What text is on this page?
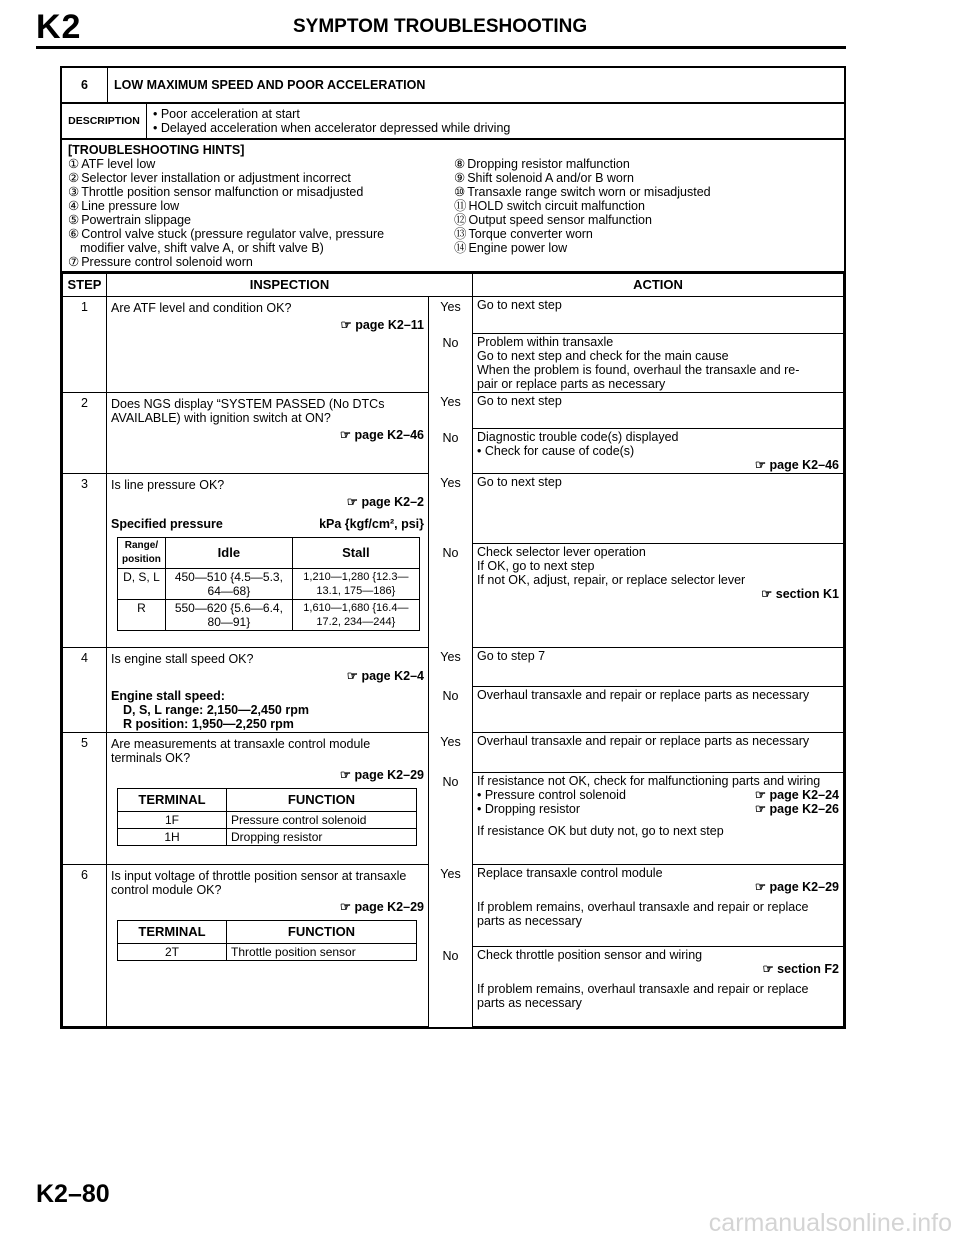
K2	SYMPTOM TROUBLESHOOTING
6	LOW MAXIMUM SPEED AND POOR ACCELERATION
DESCRIPTION	• Poor acceleration at start
• Delayed acceleration when accelerator depressed while driving
[TROUBLESHOOTING HINTS]
① ATF level low
② Selector lever installation or adjustment incorrect
③ Throttle position sensor malfunction or misadjusted
④ Line pressure low
⑤ Powertrain slippage
⑥ Control valve stuck (pressure regulator valve, pressure
modifier valve, shift valve A, or shift valve B)
⑦ Pressure control solenoid worn
⑧ Dropping resistor malfunction
⑨ Shift solenoid A and/or B worn
⑩ Transaxle range switch worn or misadjusted
⑪ HOLD switch circuit malfunction
⑫ Output speed sensor malfunction
⑬ Torque converter worn
⑭ Engine power low
STEP	INSPECTION	ACTION
1	Are ATF level and condition OK?
☞ page K2–11
	Yes	Go to next step
No	Problem within transaxle
Go to next step and check for the main cause
When the problem is found, overhaul the transaxle and re-
pair or replace parts as necessary

2	Does NGS display “SYSTEM PASSED (No DTCs AVAILABLE) with ignition switch at ON?
☞ page K2–46
	Yes	Go to next step
No	Diagnostic trouble code(s) displayed
• Check for cause of code(s)
☞ page K2–46

3	Is line pressure OK?
☞ page K2–2
Specified pressure	kPa {kgf/cm², psi}
Range/ position	Idle	Stall
D, S, L	450—510 {4.5—5.3, 64—68}	1,210—1,280 {12.3—13.1, 175—186}
R	550—620 {5.6—6.4, 80—91}	1,610—1,680 {16.4—17.2, 234—244}
	Yes	Go to next step
No	Check selector lever operation
If OK, go to next step
If not OK, adjust, repair, or replace selector lever
☞ section K1

4	Is engine stall speed OK?
☞ page K2–4
Engine stall speed:
D, S, L range: 2,150—2,450 rpm
R position: 1,950—2,250 rpm
	Yes	Go to step 7
No	Overhaul transaxle and repair or replace parts as necessary
5	Are measurements at transaxle control module terminals OK?
☞ page K2–29
TERMINAL	FUNCTION
1F	Pressure control solenoid
1H	Dropping resistor
	Yes	Overhaul transaxle and repair or replace parts as necessary
No	If resistance not OK, check for malfunctioning parts and wiring
• Pressure control solenoid	☞ page K2–24
• Dropping resistor	☞ page K2–26
If resistance OK but duty not, go to next step

6	Is input voltage of throttle position sensor at transaxle control module OK?
☞ page K2–29
TERMINAL	FUNCTION
2T	Throttle position sensor
	Yes	Replace transaxle control module
☞ page K2–29
If problem remains, overhaul transaxle and repair or replace parts as necessary

No	Check throttle position sensor and wiring
☞ section F2
If problem remains, overhaul transaxle and repair or replace parts as necessary
K2–80
carmanualsonline.info
